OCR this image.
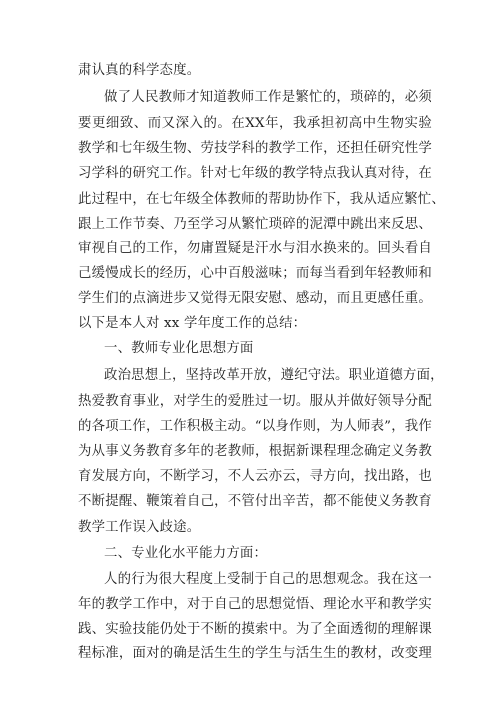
肃认真的科学态度。
做了人民教师才知道教师工作是繁忙的，琐碎的，必须
要更细致、而又深入的。在XX年，我承担初高中生物实验
教学和七年级生物、劳技学科的教学工作，还担任研究性学
习学科的研究工作。针对七年级的教学特点我认真对待，在
此过程中，在七年级全体教师的帮助协作下，我从适应繁忙、
跟上工作节奏、乃至学习从繁忙琐碎的泥潭中跳出来反思、
审视自己的工作，勿庸置疑是汗水与泪水换来的。回头看自
己缓慢成长的经历，心中百般滋味；而每当看到年轻教师和
学生们的点滴进步又觉得无限安慰、感动，而且更感任重。
以下是本人对 xx 学年度工作的总结：
一、教师专业化思想方面
政治思想上，坚持改革开放，遵纪守法。职业道德方面，
热爱教育事业，对学生的爱胜过一切。服从并做好领导分配
的各项工作，工作积极主动。“以身作则，为人师表”，我作
为从事义务教育多年的老教师，根据新课程理念确定义务教
育发展方向，不断学习，不人云亦云，寻方向，找出路，也
不断提醒、鞭策着自己，不管付出辛苦，都不能使义务教育
教学工作误入歧途。
二、专业化水平能力方面：
人的行为很大程度上受制于自己的思想观念。我在这一
年的教学工作中，对于自己的思想觉悟、理论水平和教学实
践、实验技能仍处于不断的摸索中。为了全面透彻的理解课
程标准，面对的确是活生生的学生与活生生的教材，改变理
